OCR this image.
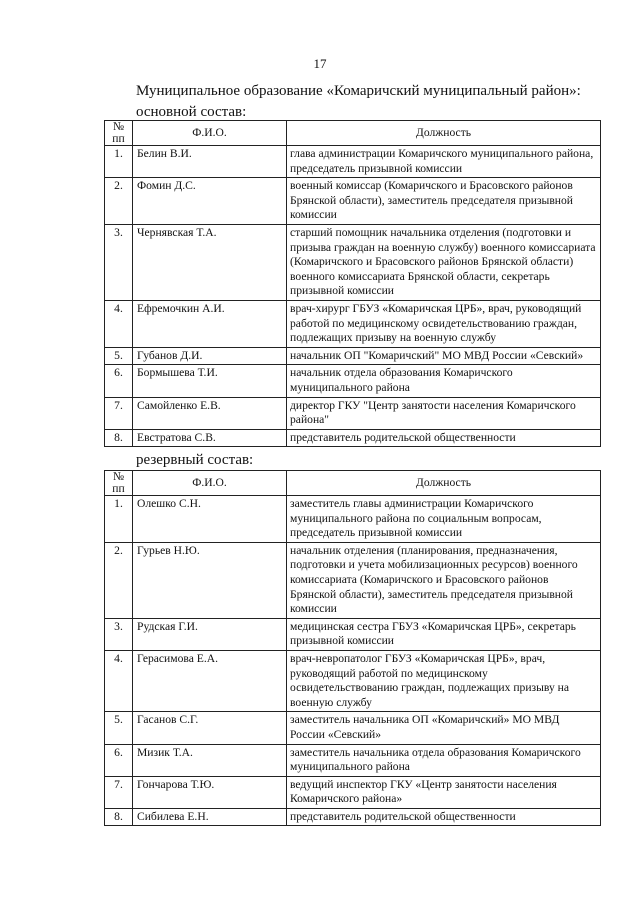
17
Муниципальное образование «Комаричский муниципальный район»:
основной состав:
№ пп	Ф.И.О.	Должность
1.	Белин В.И.	глава администрации Комаричского муниципального района, председатель призывной комиссии
2.	Фомин Д.С.	военный комиссар (Комаричского и Брасовского районов Брянской области), заместитель председателя призывной комиссии
3.	Чернявская Т.А.	старший помощник начальника отделения (подготовки и призыва граждан на военную службу) военного комиссариата (Комаричского и Брасовского районов Брянской области) военного комиссариата Брянской области, секретарь призывной комиссии
4.	Ефремочкин А.И.	врач-хирург ГБУЗ «Комаричская ЦРБ», врач, руководящий работой по медицинскому освидетельствованию граждан, подлежащих призыву на военную службу
5.	Губанов Д.И.	начальник ОП "Комаричский" МО МВД России «Севский»
6.	Бормышева Т.И.	начальник отдела образования Комаричского муниципального района
7.	Самойленко Е.В.	директор ГКУ "Центр занятости населения Комаричского района"
8.	Евстратова С.В.	представитель родительской общественности
резервный состав:
№ пп	Ф.И.О.	Должность
1.	Олешко С.Н.	заместитель главы администрации Комаричского муниципального района по социальным вопросам, председатель призывной комиссии
2.	Гурьев Н.Ю.	начальник отделения (планирования, предназначения, подготовки и учета мобилизационных ресурсов) военного комиссариата (Комаричского и Брасовского районов Брянской области), заместитель председателя призывной комиссии
3.	Рудская Г.И.	медицинская сестра ГБУЗ «Комаричская ЦРБ», секретарь призывной комиссии
4.	Герасимова Е.А.	врач-невропатолог ГБУЗ «Комаричская ЦРБ», врач, руководящий работой по медицинскому освидетельствованию граждан, подлежащих призыву на военную службу
5.	Гасанов С.Г.	заместитель начальника ОП «Комаричский» МО МВД России «Севский»
6.	Мизик Т.А.	заместитель начальника отдела образования Комаричского муниципального района
7.	Гончарова Т.Ю.	ведущий инспектор ГКУ «Центр занятости населения Комаричского района»
8.	Сибилева Е.Н.	представитель родительской общественности
